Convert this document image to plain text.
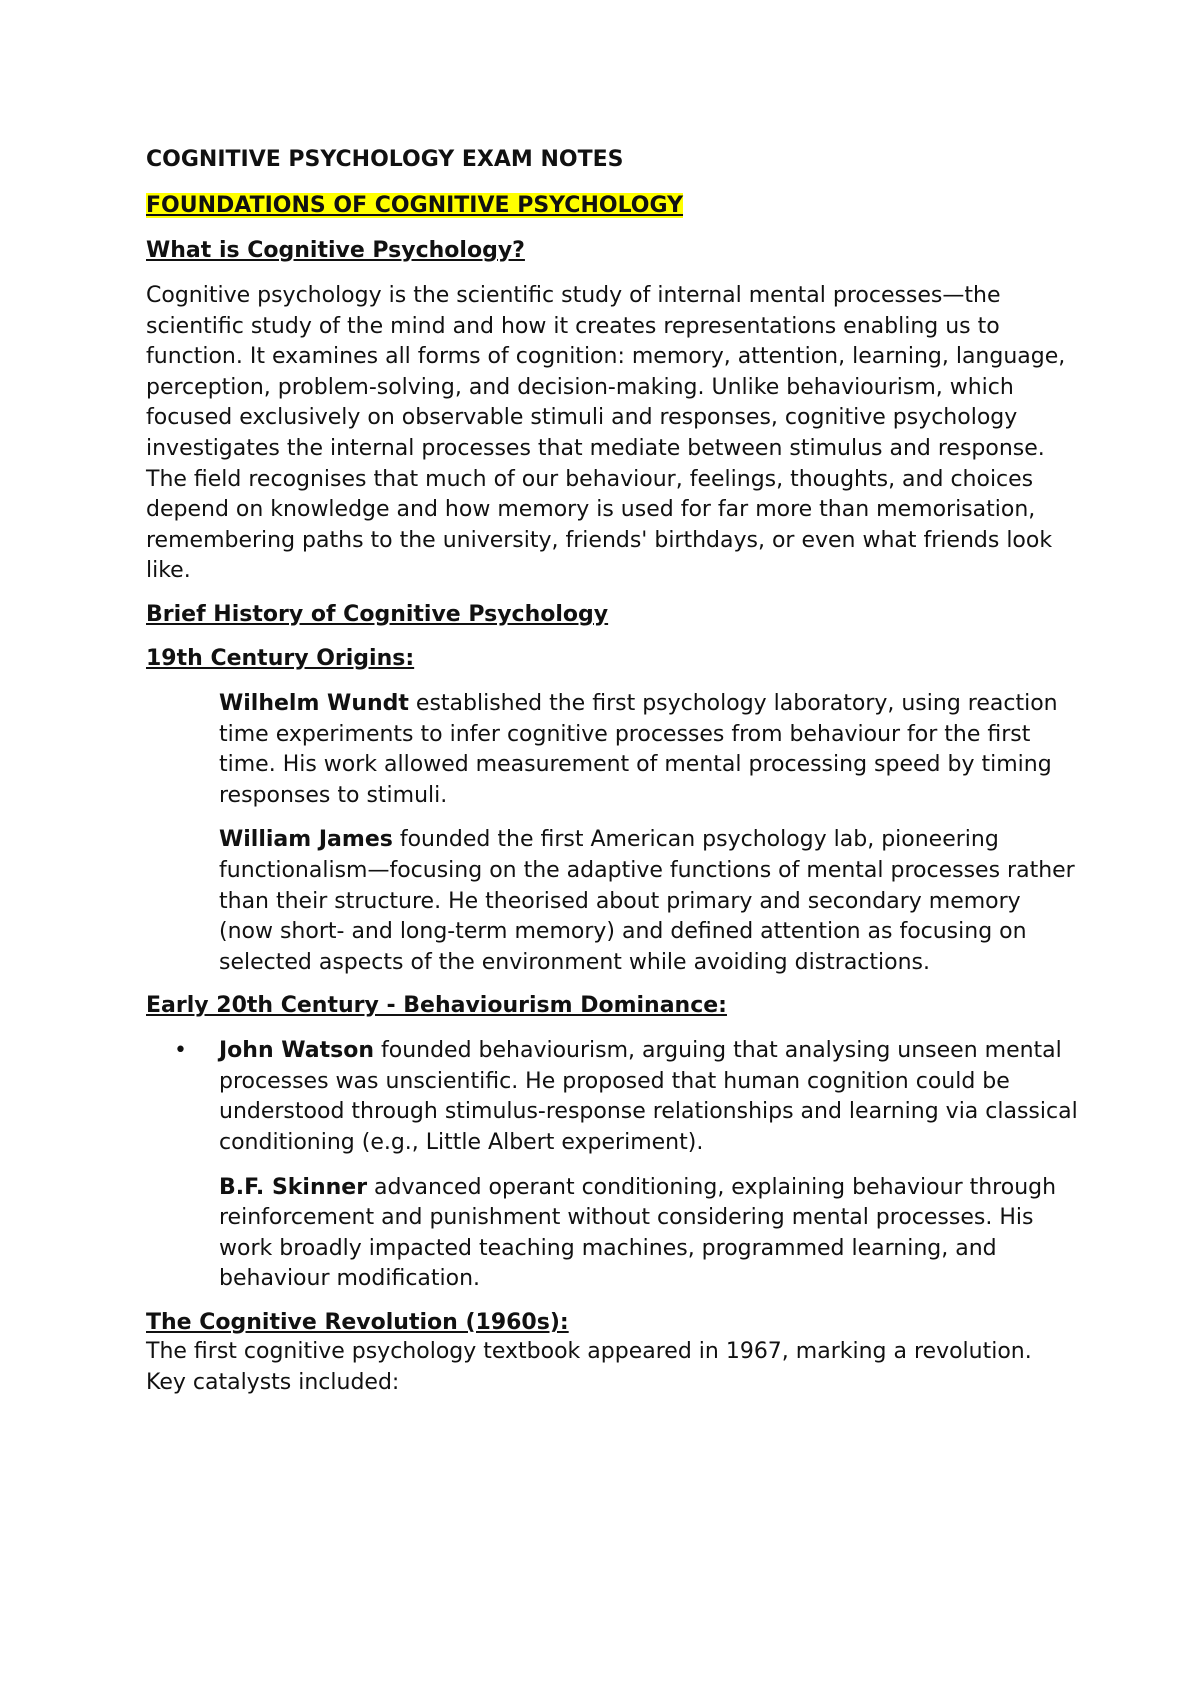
COGNITIVE PSYCHOLOGY EXAM NOTES
FOUNDATIONS OF COGNITIVE PSYCHOLOGY
What is Cognitive Psychology?
Cognitive psychology is the scientific study of internal mental processes—the scientific study of the mind and how it creates representations enabling us to function. It examines all forms of cognition: memory, attention, learning, language, perception, problem-solving, and decision-making. Unlike behaviourism, which focused exclusively on observable stimuli and responses, cognitive psychology investigates the internal processes that mediate between stimulus and response. The field recognises that much of our behaviour, feelings, thoughts, and choices depend on knowledge and how memory is used for far more than memorisation, remembering paths to the university, friends' birthdays, or even what friends look like.
Brief History of Cognitive Psychology
19th Century Origins:
Wilhelm Wundt established the first psychology laboratory, using reaction time experiments to infer cognitive processes from behaviour for the first time. His work allowed measurement of mental processing speed by timing responses to stimuli.
William James founded the first American psychology lab, pioneering functionalism—focusing on the adaptive functions of mental processes rather than their structure. He theorised about primary and secondary memory (now short- and long-term memory) and defined attention as focusing on selected aspects of the environment while avoiding distractions.
Early 20th Century - Behaviourism Dominance:
• John Watson founded behaviourism, arguing that analysing unseen mental processes was unscientific. He proposed that human cognition could be understood through stimulus-response relationships and learning via classical conditioning (e.g., Little Albert experiment).
B.F. Skinner advanced operant conditioning, explaining behaviour through reinforcement and punishment without considering mental processes. His work broadly impacted teaching machines, programmed learning, and behaviour modification.
The Cognitive Revolution (1960s):
The first cognitive psychology textbook appeared in 1967, marking a revolution. Key catalysts included:
